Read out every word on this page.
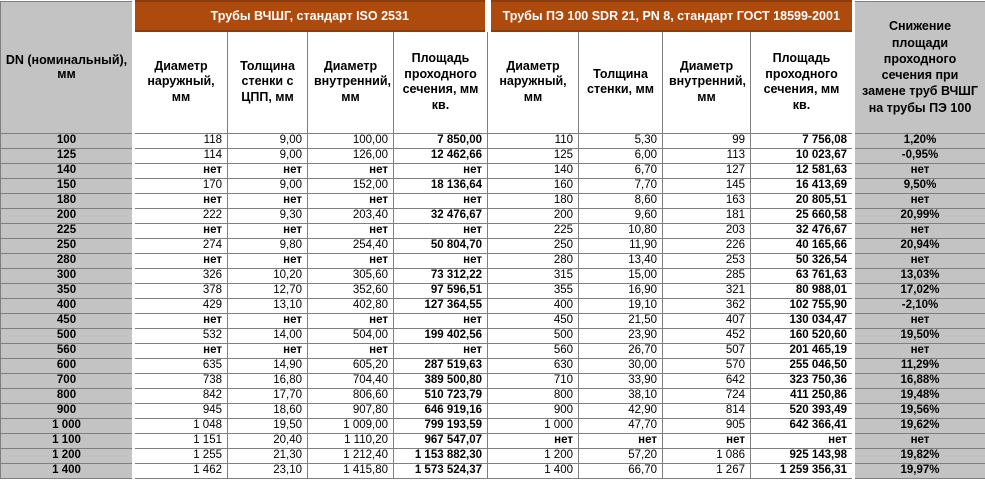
DN (номинальный), мм	Трубы ВЧШГ, стандарт ISO 2531				Трубы ПЭ 100 SDR 21, PN 8, стандарт ГОСТ 18599-2001				Снижение площади проходного сечения при замене труб ВЧШГ на трубы ПЭ 100
	Диаметр наружный, мм	Толщина стенки с ЦПП, мм	Диаметр внутренний, мм	Площадь проходного сечения, мм кв.	Диаметр наружный, мм	Толщина стенки, мм	Диаметр внутренний, мм	Площадь проходного сечения, мм кв.	
100	118	9,00	100,00	7 850,00	110	5,30	99	7 756,08	1,20%
125	114	9,00	126,00	12 462,66	125	6,00	113	10 023,67	-0,95%
140	нет	нет	нет	нет	140	6,70	127	12 581,63	нет
150	170	9,00	152,00	18 136,64	160	7,70	145	16 413,69	9,50%
180	нет	нет	нет	нет	180	8,60	163	20 805,51	нет
200	222	9,30	203,40	32 476,67	200	9,60	181	25 660,58	20,99%
225	нет	нет	нет	нет	225	10,80	203	32 476,67	нет
250	274	9,80	254,40	50 804,70	250	11,90	226	40 165,66	20,94%
280	нет	нет	нет	нет	280	13,40	253	50 326,54	нет
300	326	10,20	305,60	73 312,22	315	15,00	285	63 761,63	13,03%
350	378	12,70	352,60	97 596,51	355	16,90	321	80 988,01	17,02%
400	429	13,10	402,80	127 364,55	400	19,10	362	102 755,90	-2,10%
450	нет	нет	нет	нет	450	21,50	407	130 034,47	нет
500	532	14,00	504,00	199 402,56	500	23,90	452	160 520,60	19,50%
560	нет	нет	нет	нет	560	26,70	507	201 465,19	нет
600	635	14,90	605,20	287 519,63	630	30,00	570	255 046,50	11,29%
700	738	16,80	704,40	389 500,80	710	33,90	642	323 750,36	16,88%
800	842	17,70	806,60	510 723,79	800	38,10	724	411 250,86	19,48%
900	945	18,60	907,80	646 919,16	900	42,90	814	520 393,49	19,56%
1 000	1 048	19,50	1 009,00	799 193,59	1 000	47,70	905	642 366,41	19,62%
1 100	1 151	20,40	1 110,20	967 547,07	нет	нет	нет	нет	нет
1 200	1 255	21,30	1 212,40	1 153 882,30	1 200	57,20	1 086	925 143,98	19,82%
1 400	1 462	23,10	1 415,80	1 573 524,37	1 400	66,70	1 267	1 259 356,31	19,97%
